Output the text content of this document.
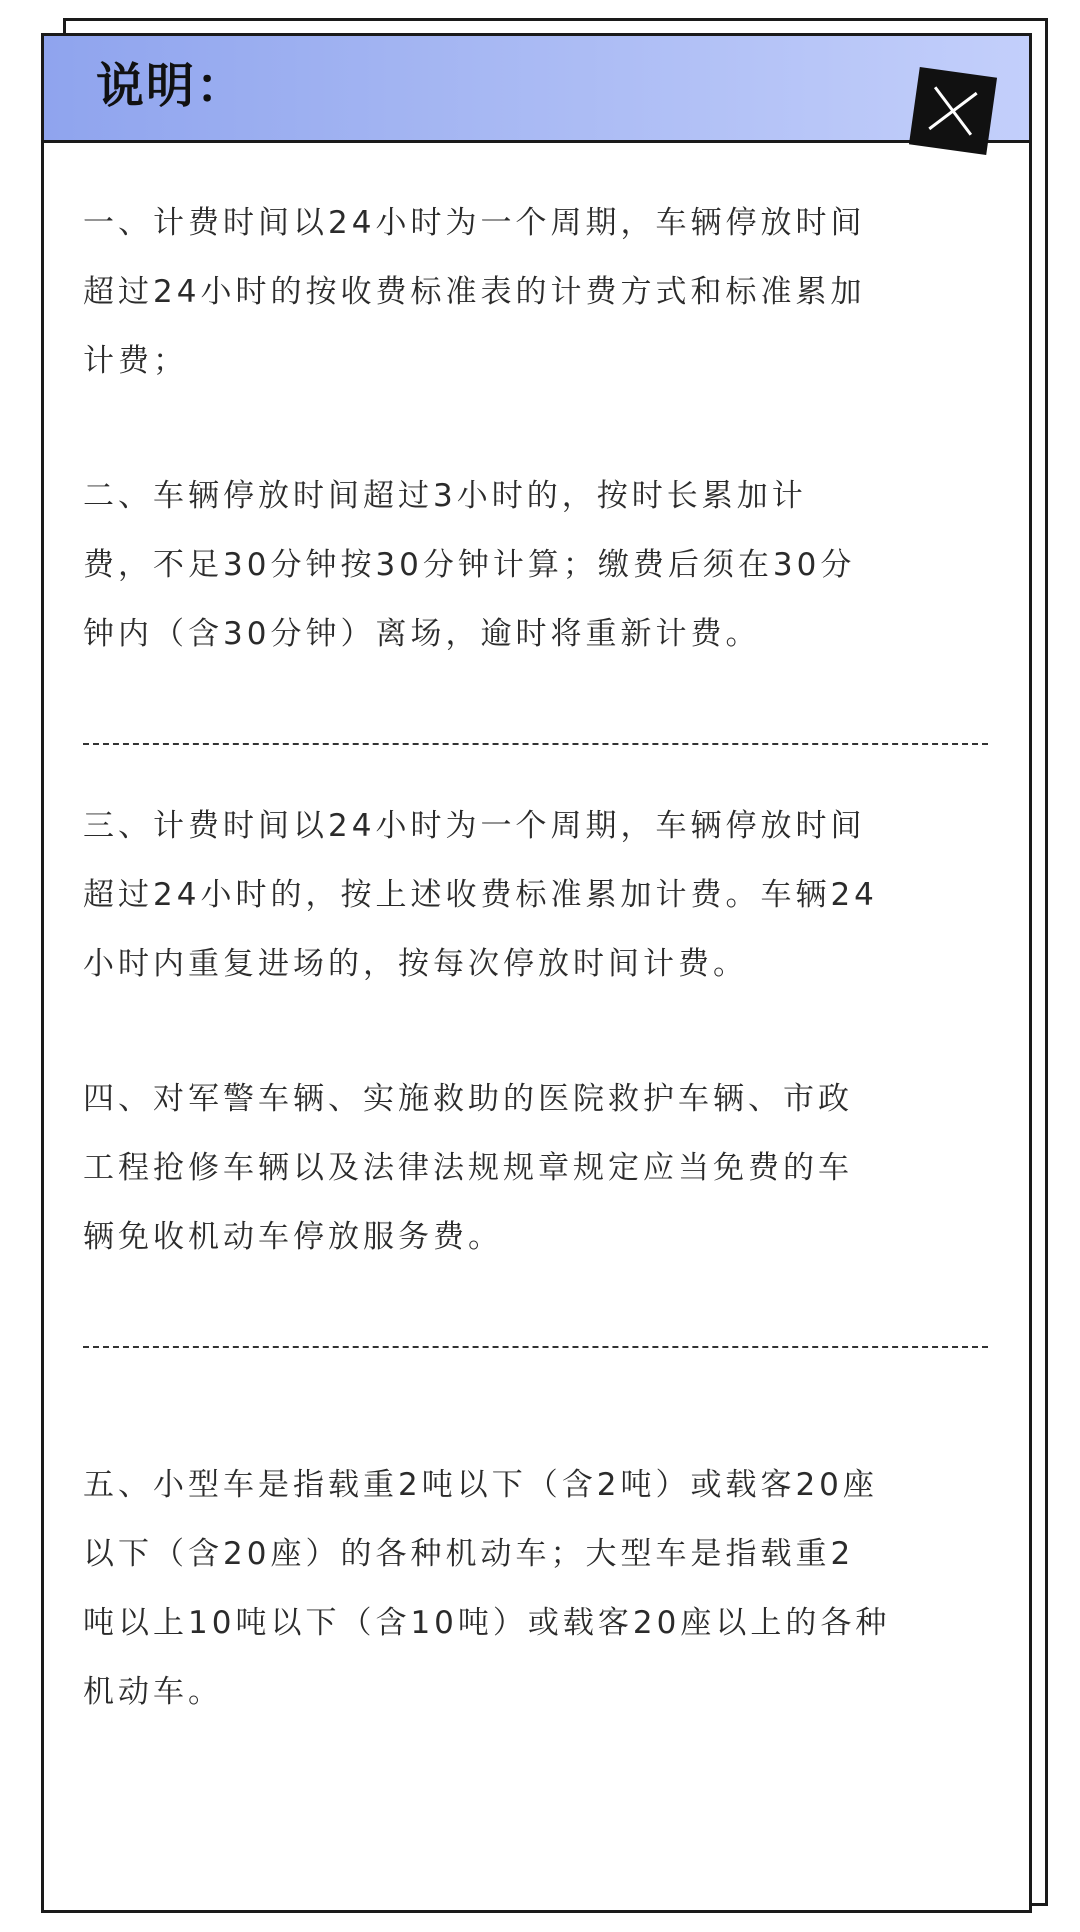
说明：

一、计费时间以24小时为一个周期，车辆停放时间
超过24小时的按收费标准表的计费方式和标准累加
计费；

二、车辆停放时间超过3小时的，按时长累加计
费，不足30分钟按30分钟计算；缴费后须在30分
钟内（含30分钟）离场，逾时将重新计费。

三、计费时间以24小时为一个周期，车辆停放时间
超过24小时的，按上述收费标准累加计费。车辆24
小时内重复进场的，按每次停放时间计费。

四、对军警车辆、实施救助的医院救护车辆、市政
工程抢修车辆以及法律法规规章规定应当免费的车
辆免收机动车停放服务费。

五、小型车是指载重2吨以下（含2吨）或载客20座
以下（含20座）的各种机动车；大型车是指载重2
吨以上10吨以下（含10吨）或载客20座以上的各种
机动车。
